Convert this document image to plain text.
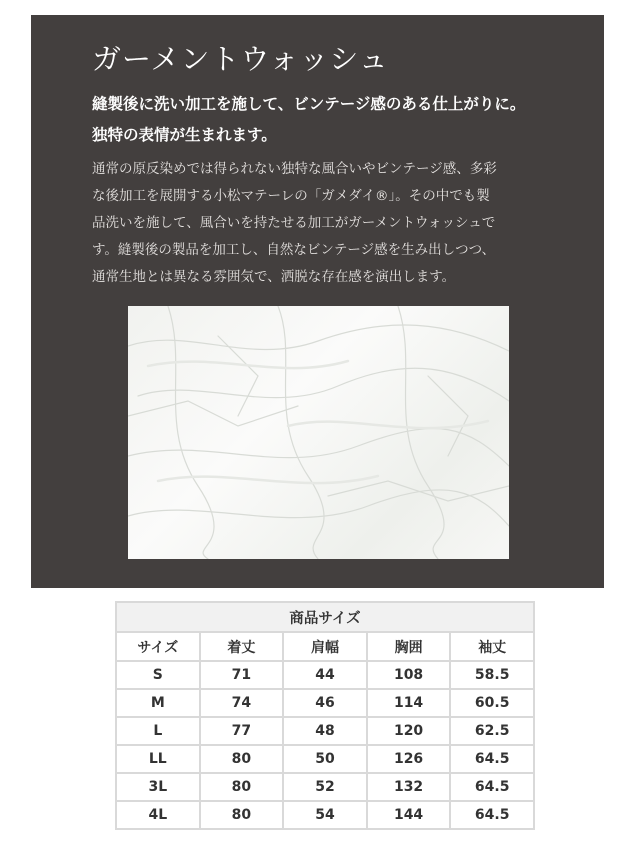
ガーメントウォッシュ
縫製後に洗い加工を施して、ビンテージ感のある仕上がりに。
独特の表情が生まれます。
通常の原反染めでは得られない独特な風合いやビンテージ感、多彩
な後加工を展開する小松マテーレの「ガメダイ®」。その中でも製
品洗いを施して、風合いを持たせる加工がガーメントウォッシュで
す。縫製後の製品を加工し、自然なビンテージ感を生み出しつつ、
通常生地とは異なる雰囲気で、洒脱な存在感を演出します。
商品サイズ				
サイズ	着丈	肩幅	胸囲	袖丈
S	71	44	108	58.5
M	74	46	114	60.5
L	77	48	120	62.5
LL	80	50	126	64.5
3L	80	52	132	64.5
4L	80	54	144	64.5
